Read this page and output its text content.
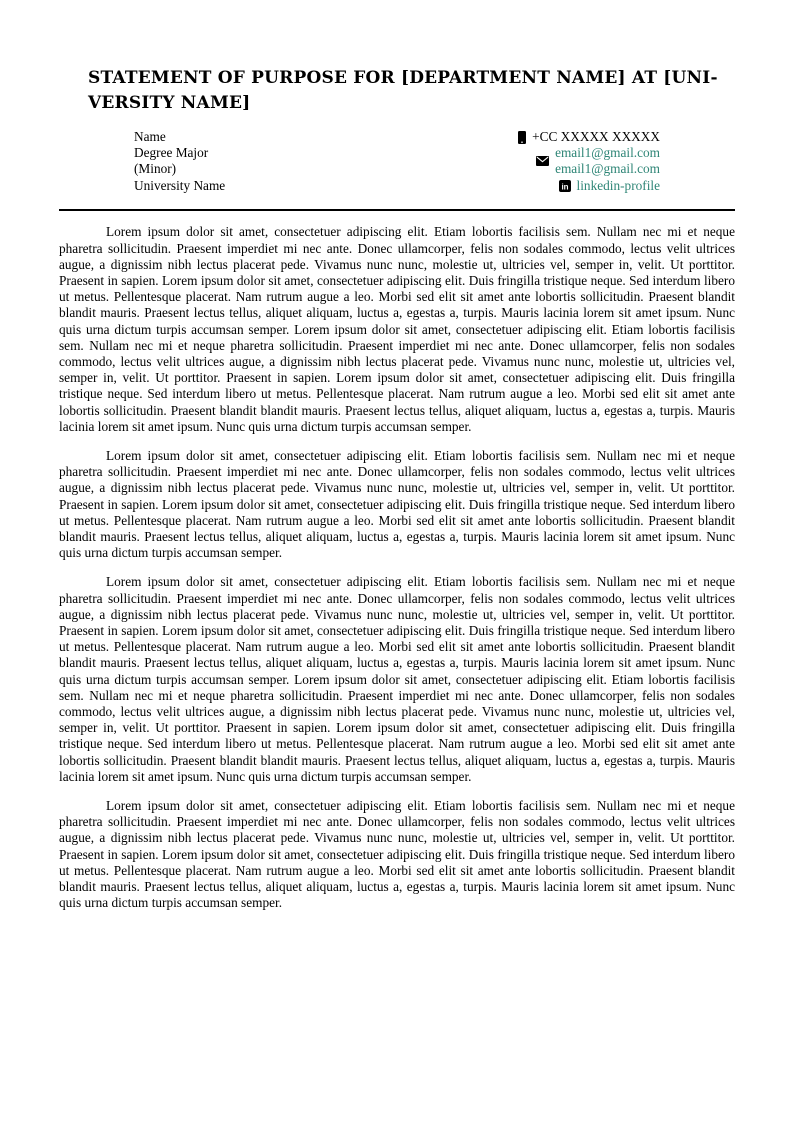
STATEMENT OF PURPOSE FOR [DEPARTMENT NAME] AT [UNI-
VERSITY NAME]
Name
Degree Major
(Minor)
University Name
+CC XXXXX XXXXX
email1@gmail.com
email1@gmail.com
in linkedin-profile

Lorem ipsum dolor sit amet, consectetuer adipiscing elit. Etiam lobortis facilisis sem. Nullam nec mi et neque pharetra sollicitudin. Praesent imperdiet mi nec ante. Donec ullamcorper, felis non sodales commodo, lectus velit ultrices augue, a dignissim nibh lectus placerat pede. Vivamus nunc nunc, molestie ut, ultricies vel, semper in, velit. Ut porttitor. Praesent in sapien. Lorem ipsum dolor sit amet, consectetuer adipiscing elit. Duis fringilla tristique neque. Sed interdum libero ut metus. Pellentesque placerat. Nam rutrum augue a leo. Morbi sed elit sit amet ante lobortis sollicitudin. Praesent blandit blandit mauris. Praesent lectus tellus, aliquet aliquam, luctus a, egestas a, turpis. Mauris lacinia lorem sit amet ipsum. Nunc quis urna dictum turpis accumsan semper. Lorem ipsum dolor sit amet, consectetuer adipiscing elit. Etiam lobortis facilisis sem. Nullam nec mi et neque pharetra sollicitudin. Praesent imperdiet mi nec ante. Donec ullamcorper, felis non sodales commodo, lectus velit ultrices augue, a dignissim nibh lectus placerat pede. Vivamus nunc nunc, molestie ut, ultricies vel, semper in, velit. Ut porttitor. Praesent in sapien. Lorem ipsum dolor sit amet, consectetuer adipiscing elit. Duis fringilla tristique neque. Sed interdum libero ut metus. Pellentesque placerat. Nam rutrum augue a leo. Morbi sed elit sit amet ante lobortis sollicitudin. Praesent blandit blandit mauris. Praesent lectus tellus, aliquet aliquam, luctus a, egestas a, turpis. Mauris lacinia lorem sit amet ipsum. Nunc quis urna dictum turpis accumsan semper.

Lorem ipsum dolor sit amet, consectetuer adipiscing elit. Etiam lobortis facilisis sem. Nullam nec mi et neque pharetra sollicitudin. Praesent imperdiet mi nec ante. Donec ullamcorper, felis non sodales commodo, lectus velit ultrices augue, a dignissim nibh lectus placerat pede. Vivamus nunc nunc, molestie ut, ultricies vel, semper in, velit. Ut porttitor. Praesent in sapien. Lorem ipsum dolor sit amet, consectetuer adipiscing elit. Duis fringilla tristique neque. Sed interdum libero ut metus. Pellentesque placerat. Nam rutrum augue a leo. Morbi sed elit sit amet ante lobortis sollicitudin. Praesent blandit blandit mauris. Praesent lectus tellus, aliquet aliquam, luctus a, egestas a, turpis. Mauris lacinia lorem sit amet ipsum. Nunc quis urna dictum turpis accumsan semper.

Lorem ipsum dolor sit amet, consectetuer adipiscing elit. Etiam lobortis facilisis sem. Nullam nec mi et neque pharetra sollicitudin. Praesent imperdiet mi nec ante. Donec ullamcorper, felis non sodales commodo, lectus velit ultrices augue, a dignissim nibh lectus placerat pede. Vivamus nunc nunc, molestie ut, ultricies vel, semper in, velit. Ut porttitor. Praesent in sapien. Lorem ipsum dolor sit amet, consectetuer adipiscing elit. Duis fringilla tristique neque. Sed interdum libero ut metus. Pellentesque placerat. Nam rutrum augue a leo. Morbi sed elit sit amet ante lobortis sollicitudin. Praesent blandit blandit mauris. Praesent lectus tellus, aliquet aliquam, luctus a, egestas a, turpis. Mauris lacinia lorem sit amet ipsum. Nunc quis urna dictum turpis accumsan semper. Lorem ipsum dolor sit amet, consectetuer adipiscing elit. Etiam lobortis facilisis sem. Nullam nec mi et neque pharetra sollicitudin. Praesent imperdiet mi nec ante. Donec ullamcorper, felis non sodales commodo, lectus velit ultrices augue, a dignissim nibh lectus placerat pede. Vivamus nunc nunc, molestie ut, ultricies vel, semper in, velit. Ut porttitor. Praesent in sapien. Lorem ipsum dolor sit amet, consectetuer adipiscing elit. Duis fringilla tristique neque. Sed interdum libero ut metus. Pellentesque placerat. Nam rutrum augue a leo. Morbi sed elit sit amet ante lobortis sollicitudin. Praesent blandit blandit mauris. Praesent lectus tellus, aliquet aliquam, luctus a, egestas a, turpis. Mauris lacinia lorem sit amet ipsum. Nunc quis urna dictum turpis accumsan semper.

Lorem ipsum dolor sit amet, consectetuer adipiscing elit. Etiam lobortis facilisis sem. Nullam nec mi et neque pharetra sollicitudin. Praesent imperdiet mi nec ante. Donec ullamcorper, felis non sodales commodo, lectus velit ultrices augue, a dignissim nibh lectus placerat pede. Vivamus nunc nunc, molestie ut, ultricies vel, semper in, velit. Ut porttitor. Praesent in sapien. Lorem ipsum dolor sit amet, consectetuer adipiscing elit. Duis fringilla tristique neque. Sed interdum libero ut metus. Pellentesque placerat. Nam rutrum augue a leo. Morbi sed elit sit amet ante lobortis sollicitudin. Praesent blandit blandit mauris. Praesent lectus tellus, aliquet aliquam, luctus a, egestas a, turpis. Mauris lacinia lorem sit amet ipsum. Nunc quis urna dictum turpis accumsan semper.
